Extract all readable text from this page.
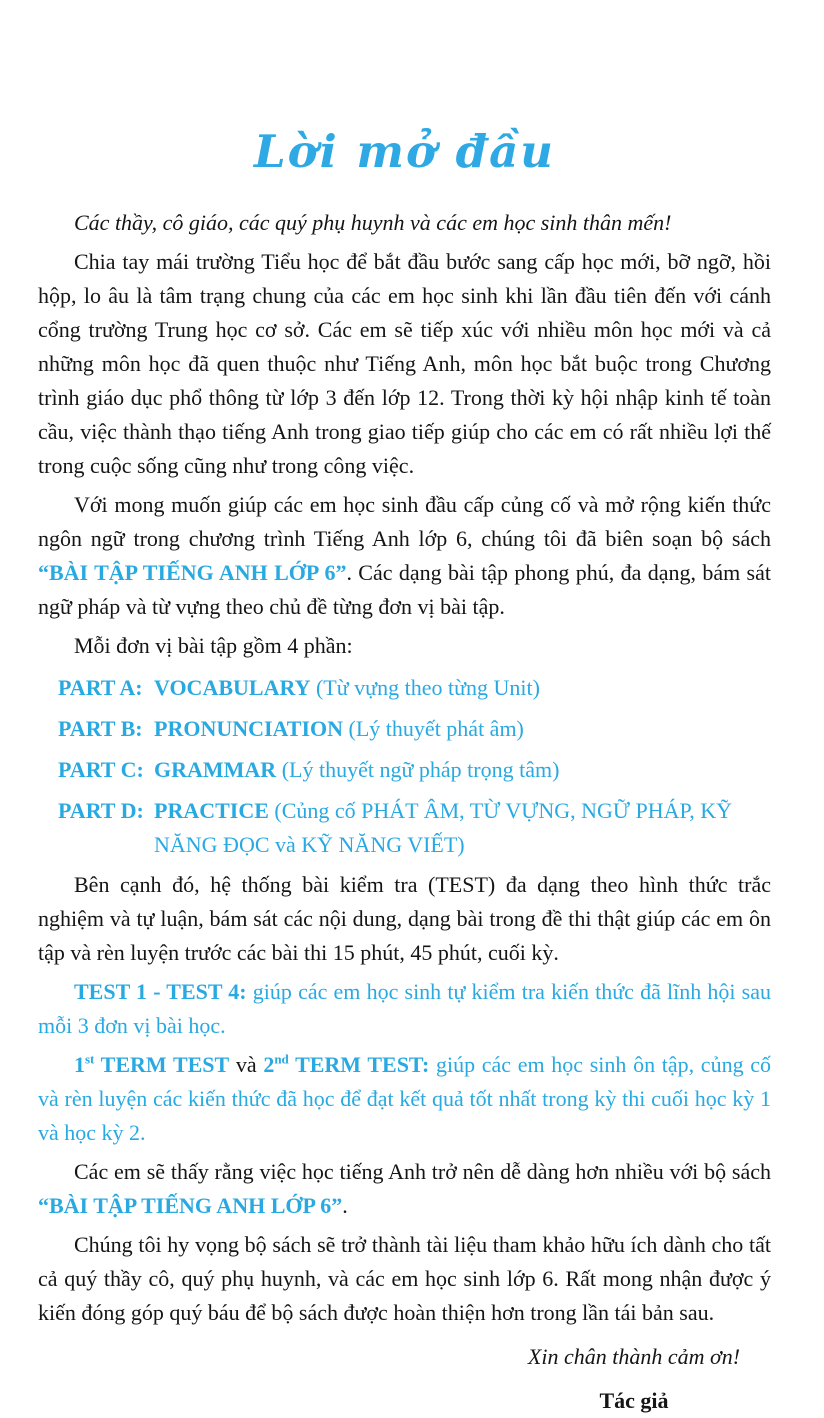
Lời mở đầu

Các thầy, cô giáo, các quý phụ huynh và các em học sinh thân mến!

Chia tay mái trường Tiểu học để bắt đầu bước sang cấp học mới, bỡ ngỡ, hồi hộp, lo âu là tâm trạng chung của các em học sinh khi lần đầu tiên đến với cánh cổng trường Trung học cơ sở. Các em sẽ tiếp xúc với nhiều môn học mới và cả những môn học đã quen thuộc như Tiếng Anh, môn học bắt buộc trong Chương trình giáo dục phổ thông từ lớp 3 đến lớp 12. Trong thời kỳ hội nhập kinh tế toàn cầu, việc thành thạo tiếng Anh trong giao tiếp giúp cho các em có rất nhiều lợi thế trong cuộc sống cũng như trong công việc.

Với mong muốn giúp các em học sinh đầu cấp củng cố và mở rộng kiến thức ngôn ngữ trong chương trình Tiếng Anh lớp 6, chúng tôi đã biên soạn bộ sách “BÀI TẬP TIẾNG ANH LỚP 6”. Các dạng bài tập phong phú, đa dạng, bám sát ngữ pháp và từ vựng theo chủ đề từng đơn vị bài tập.

Mỗi đơn vị bài tập gồm 4 phần:

PART A: VOCABULARY (Từ vựng theo từng Unit)
PART B: PRONUNCIATION (Lý thuyết phát âm)
PART C: GRAMMAR (Lý thuyết ngữ pháp trọng tâm)
PART D: PRACTICE (Củng cố PHÁT ÂM, TỪ VỰNG, NGỮ PHÁP, KỸ NĂNG ĐỌC và KỸ NĂNG VIẾT)

Bên cạnh đó, hệ thống bài kiểm tra (TEST) đa dạng theo hình thức trắc nghiệm và tự luận, bám sát các nội dung, dạng bài trong đề thi thật giúp các em ôn tập và rèn luyện trước các bài thi 15 phút, 45 phút, cuối kỳ.

TEST 1 - TEST 4: giúp các em học sinh tự kiểm tra kiến thức đã lĩnh hội sau mỗi 3 đơn vị bài học.

1st TERM TEST và 2nd TERM TEST: giúp các em học sinh ôn tập, củng cố và rèn luyện các kiến thức đã học để đạt kết quả tốt nhất trong kỳ thi cuối học kỳ 1 và học kỳ 2.

Các em sẽ thấy rằng việc học tiếng Anh trở nên dễ dàng hơn nhiều với bộ sách “BÀI TẬP TIẾNG ANH LỚP 6”.

Chúng tôi hy vọng bộ sách sẽ trở thành tài liệu tham khảo hữu ích dành cho tất cả quý thầy cô, quý phụ huynh, và các em học sinh lớp 6. Rất mong nhận được ý kiến đóng góp quý báu để bộ sách được hoàn thiện hơn trong lần tái bản sau.

Xin chân thành cảm ơn!

Tác giả
